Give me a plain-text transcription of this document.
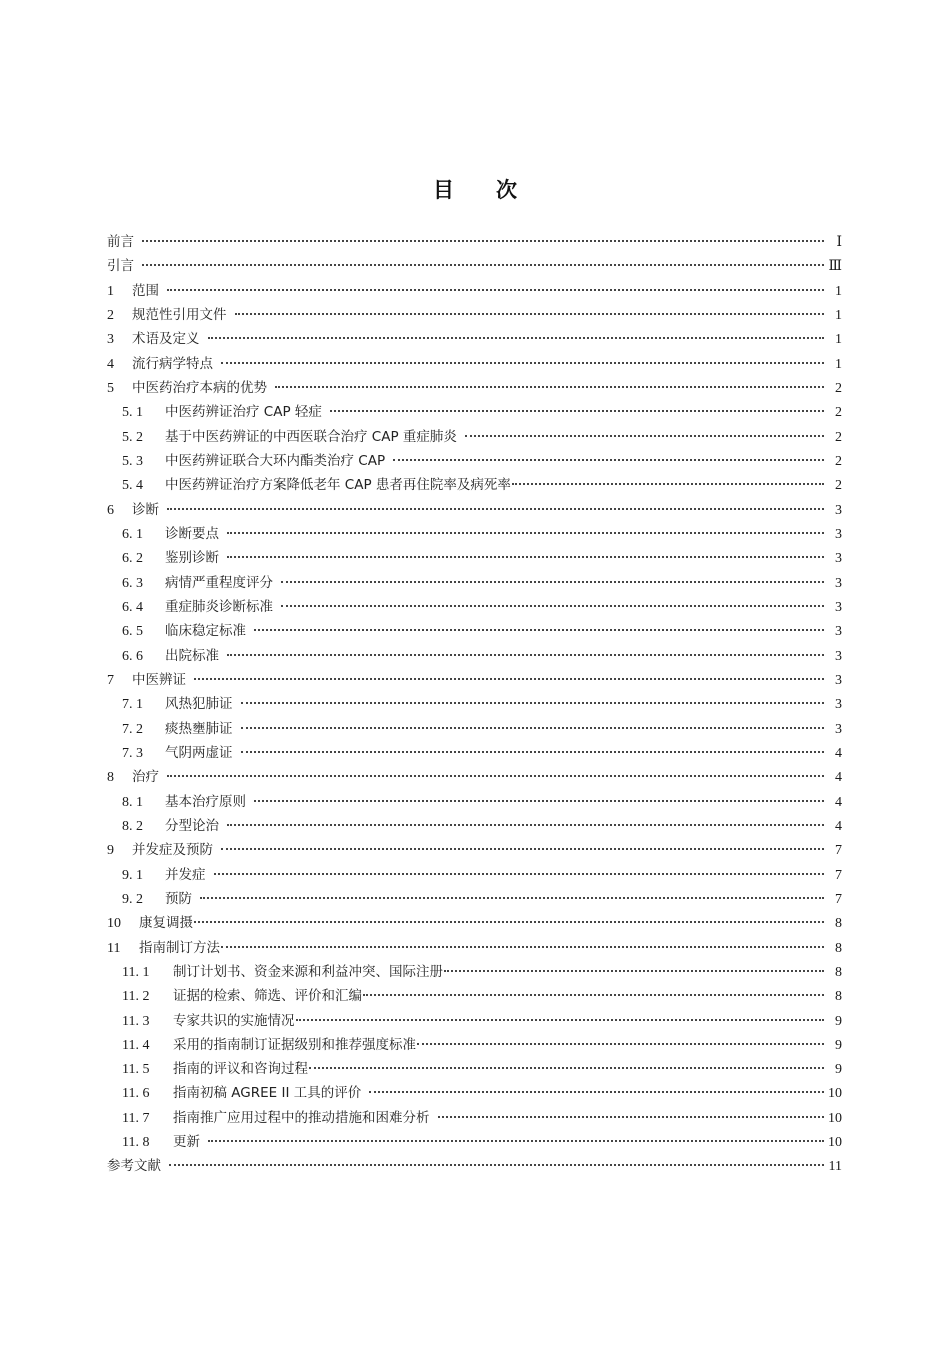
目 次
前言	Ⅰ
引言	Ⅲ
1	范围	1
2	规范性引用文件	1
3	术语及定义	1
4	流行病学特点	1
5	中医药治疗本病的优势	2
5. 1	中医药辨证治疗 CAP 轻症	2
5. 2	基于中医药辨证的中西医联合治疗 CAP 重症肺炎	2
5. 3	中医药辨证联合大环内酯类治疗 CAP	2
5. 4	中医药辨证治疗方案降低老年 CAP 患者再住院率及病死率	2
6	诊断	3
6. 1	诊断要点	3
6. 2	鉴别诊断	3
6. 3	病情严重程度评分	3
6. 4	重症肺炎诊断标准	3
6. 5	临床稳定标准	3
6. 6	出院标准	3
7	中医辨证	3
7. 1	风热犯肺证	3
7. 2	痰热壅肺证	3
7. 3	气阴两虚证	4
8	治疗	4
8. 1	基本治疗原则	4
8. 2	分型论治	4
9	并发症及预防	7
9. 1	并发症	7
9. 2	预防	7
10	康复调摄	8
11	指南制订方法	8
11. 1	制订计划书、资金来源和利益冲突、国际注册	8
11. 2	证据的检索、筛选、评价和汇编	8
11. 3	专家共识的实施情况	9
11. 4	采用的指南制订证据级别和推荐强度标准	9
11. 5	指南的评议和咨询过程	9
11. 6	指南初稿 AGREE II 工具的评价	10
11. 7	指南推广应用过程中的推动措施和困难分析	10
11. 8	更新	10
参考文献	11
